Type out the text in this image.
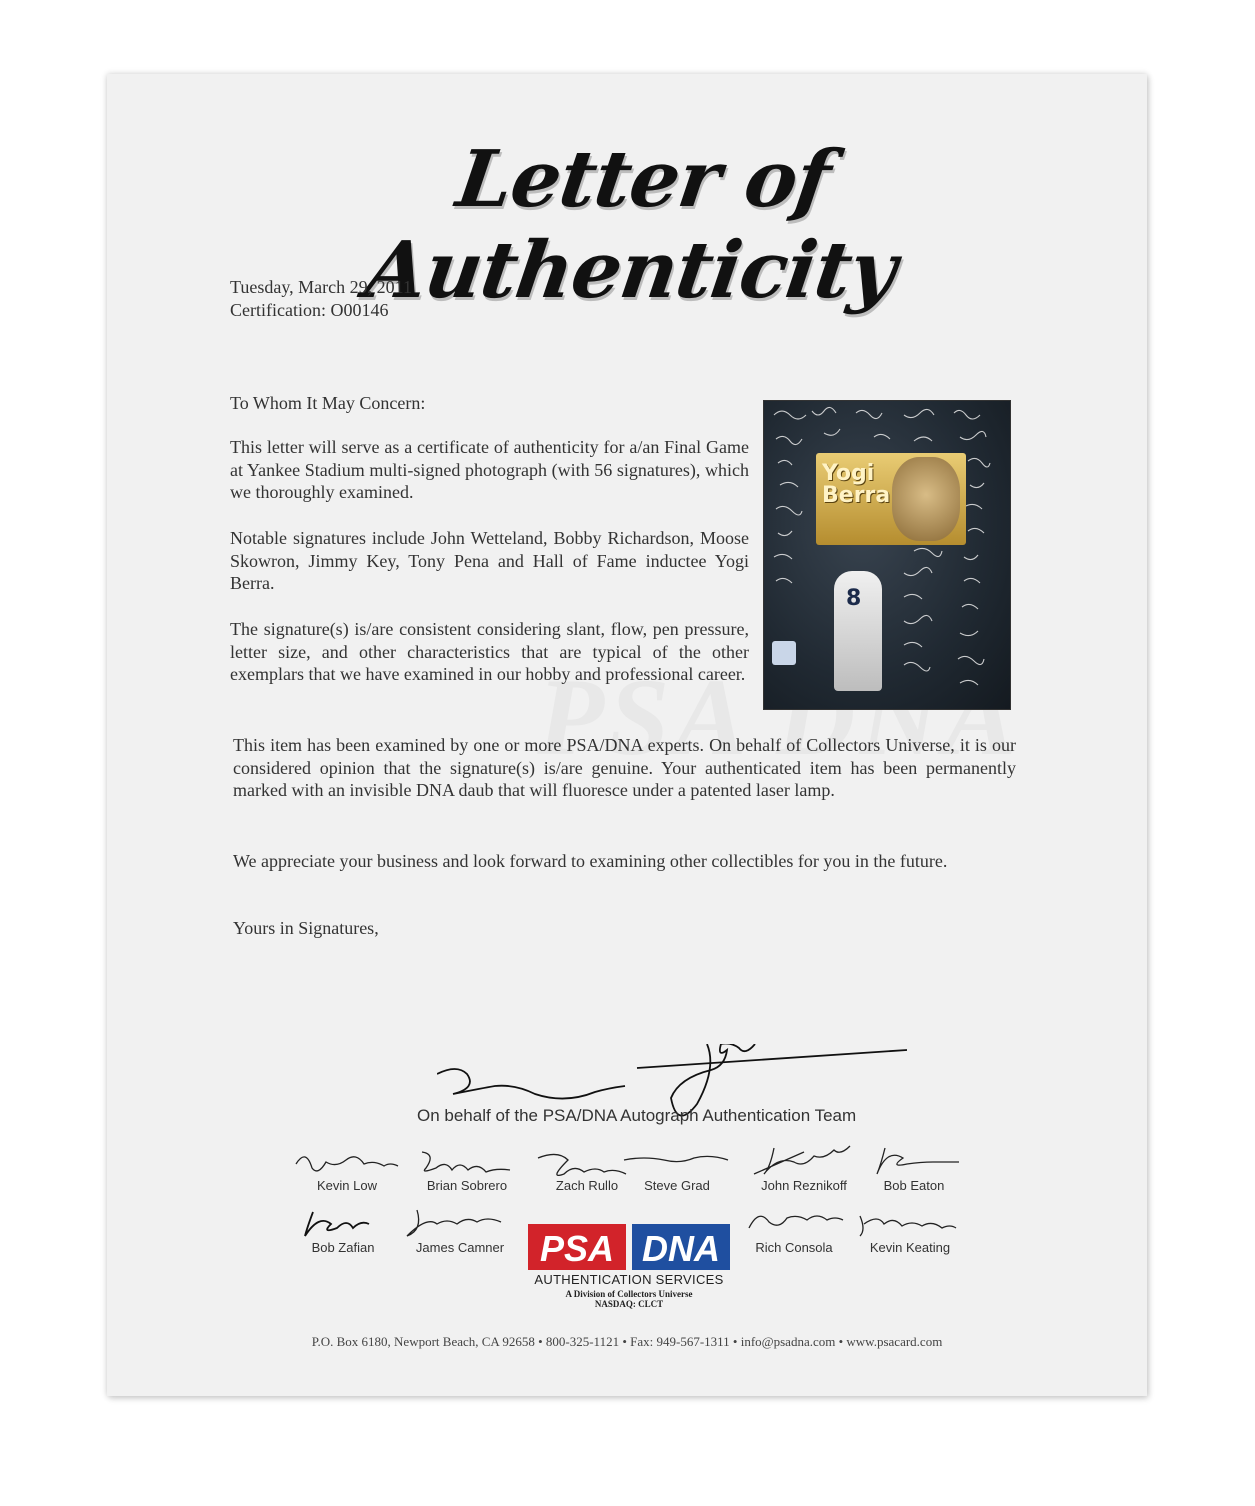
Letter of Authenticity
Tuesday, March 29, 2011
Certification: O00146

To Whom It May Concern:

This letter will serve as a certificate of authenticity for a/an Final Game at Yankee Stadium multi-signed photograph (with 56 signatures), which we thoroughly examined.

Notable signatures include John Wetteland, Bobby Richardson, Moose Skowron, Jimmy Key, Tony Pena and Hall of Fame inductee Yogi Berra.

The signature(s) is/are consistent considering slant, flow, pen pressure, letter size, and other characteristics that are typical of the other exemplars that we have examined in our hobby and professional career.

This item has been examined by one or more PSA/DNA experts. On behalf of Collectors Universe, it is our considered opinion that the signature(s) is/are genuine. Your authenticated item has been permanently marked with an invisible DNA daub that will fluoresce under a patented laser lamp.

We appreciate your business and look forward to examining other collectibles for you in the future.

Yours in Signatures,

Yogi
Berra
8
On behalf of the PSA/DNA Autograph Authentication Team
Kevin Low	Brian Sobrero	Zach Rullo	Steve Grad	John Reznikoff	Bob Eaton
Bob Zafian	James Camner	Rich Consola	Kevin Keating
PSA DNA
AUTHENTICATION SERVICES
A Division of Collectors Universe
NASDAQ: CLCT
P.O. Box 6180, Newport Beach, CA 92658 • 800-325-1121 • Fax: 949-567-1311 • info@psadna.com • www.psacard.com
